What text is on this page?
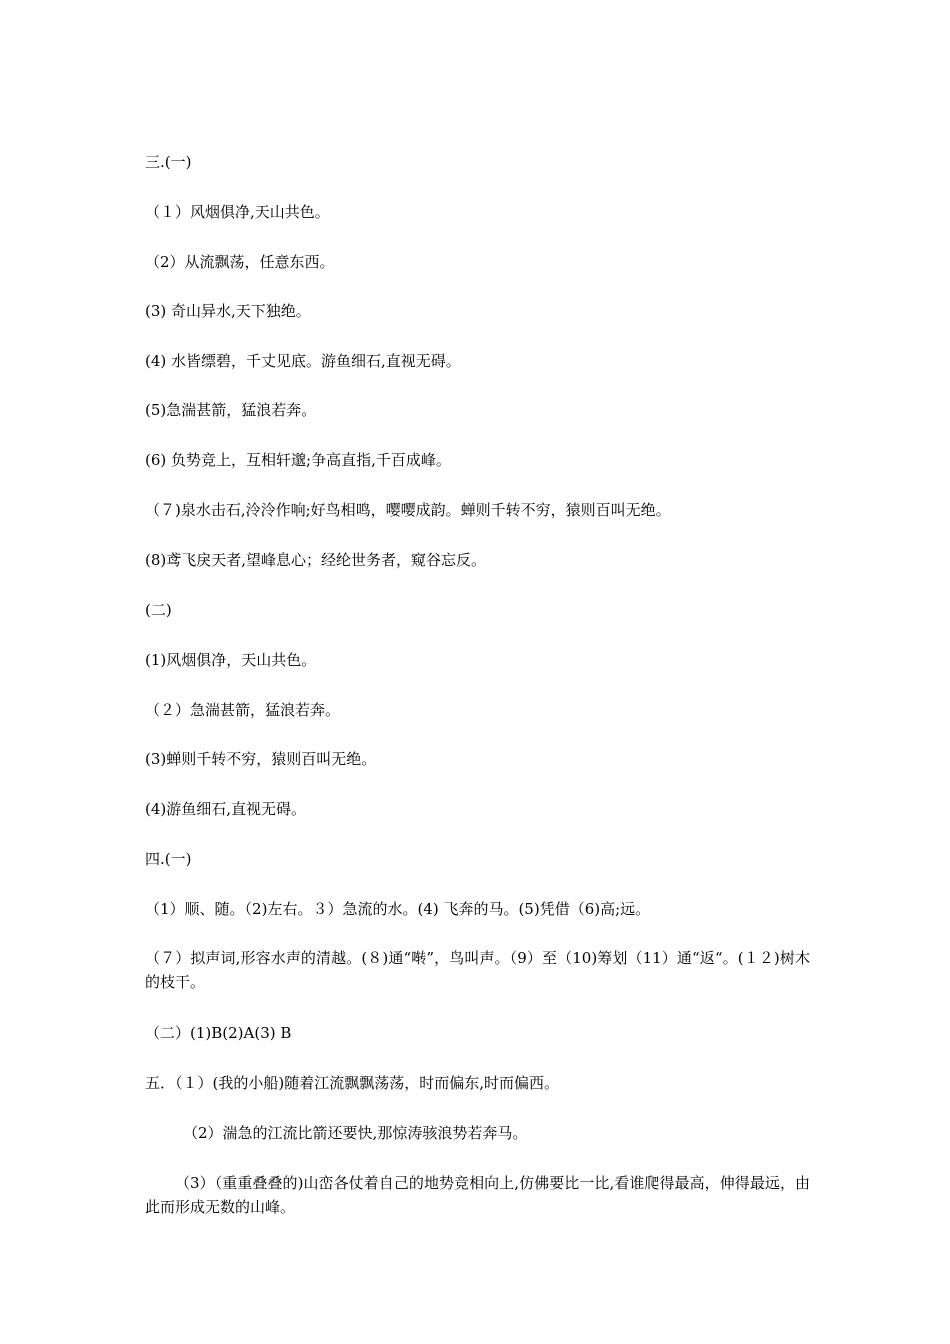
三.(一)
（１）风烟俱净,天山共色。
（2）从流飘荡，任意东西。
(3) 奇山异水,天下独绝。
(4) 水皆缥碧，千丈见底。游鱼细石,直视无碍。
(5)急湍甚箭，猛浪若奔。
(6) 负势竞上，互相轩邈;争高直指,千百成峰。
（７)泉水击石,泠泠作响;好鸟相鸣，嘤嘤成韵。蝉则千转不穷，猿则百叫无绝。
(8)鸢飞戾天者,望峰息心；经纶世务者，窥谷忘反。
(二)
(1)风烟俱净，天山共色。
（２）急湍甚箭，猛浪若奔。
(3)蝉则千转不穷，猿则百叫无绝。
(4)游鱼细石,直视无碍。
四.(一)
（1）顺、随。（2)左右。３）急流的水。(4) 飞奔的马。(5)凭借（6)高;远。
（７）拟声词,形容水声的清越。(８)通“啭”，鸟叫声。（9）至（10)筹划（11）通“返“。(１２)树木的枝干。
（二）(1)B(2)A(3) B
五．（１）(我的小船)随着江流飘飘荡荡，时而偏东,时而偏西。
（2）湍急的江流比箭还要快,那惊涛骇浪势若奔马。
（3）（重重叠叠的)山峦各仗着自己的地势竞相向上,仿佛要比一比,看谁爬得最高，伸得最远，由此而形成无数的山峰。
